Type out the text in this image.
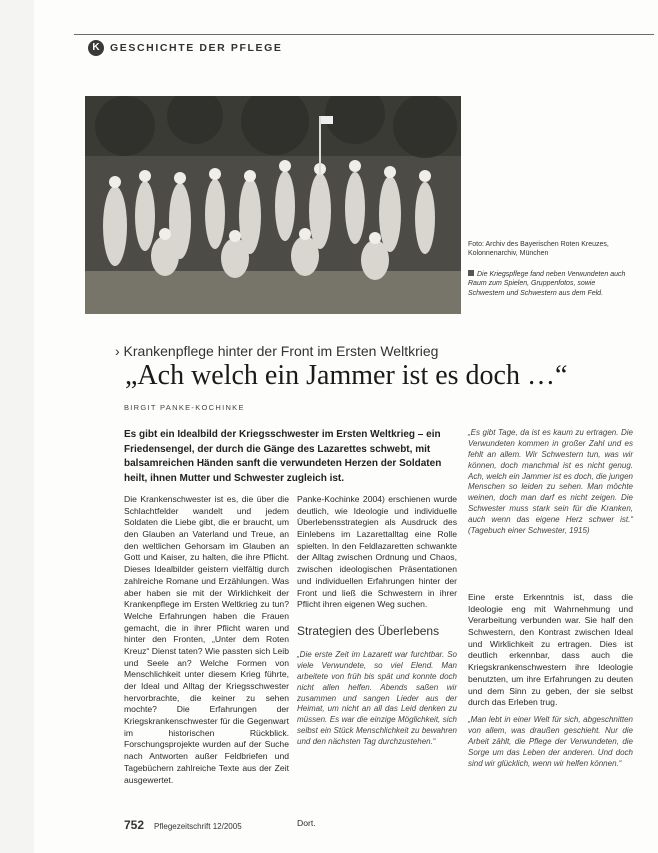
K GESCHICHTE DER PFLEGE
Foto: Archiv des Bayerischen Roten Kreuzes, Kolonnenarchiv, München
Die Kriegspflege fand neben Verwundeten auch Raum zum Spielen, Gruppenfotos, sowie Schwestern und Schwestern aus dem Feld.
› Krankenpflege hinter der Front im Ersten Weltkrieg
„Ach welch ein Jammer ist es doch …“
BIRGIT PANKE-KOCHINKE
Es gibt ein Idealbild der Kriegsschwester im Ersten Weltkrieg – ein Friedensengel, der durch die Gänge des Lazarettes schwebt, mit balsamreichen Händen sanft die verwundeten Herzen der Soldaten heilt, ihnen Mutter und Schwester zugleich ist.
Die Krankenschwester ist es, die über die Schlachtfelder wandelt und jedem Soldaten die Liebe gibt, die er braucht, um den Glauben an Vaterland und Treue, an den weltlichen Gehorsam im Glauben an Gott und Kaiser, zu halten, die ihre Pflicht. Dieses Idealbilder geistern vielfältig durch zahlreiche Romane und Erzählungen. Was aber haben sie mit der Wirklichkeit der Krankenpflege im Ersten Weltkrieg zu tun? Welche Erfahrungen haben die Frauen gemacht, die in ihrer Pflicht waren und hinter den Fronten, „Unter dem Roten Kreuz“ Dienst taten? Wie passten sich Leib und Seele an? Welche Formen von Menschlichkeit unter diesem Krieg führte, der Ideal und Alltag der Kriegsschwester hervorbrachte, die keiner zu sehen mochte? Die Erfahrungen der Kriegskrankenschwester für die Gegenwart im historischen Rückblick. Forschungsprojekte wurden auf der Suche nach Antworten außer Feldbriefen und Tagebüchern zahlreiche Texte aus der Zeit ausgewertet.
Panke-Kochinke 2004) erschienen wurde deutlich, wie Ideologie und individuelle Überlebensstrategien als Ausdruck des Einlebens im Lazarettalltag eine Rolle spielten. In den Feldlazaretten schwankte der Alltag zwischen Ordnung und Chaos, zwischen ideologischen Präsentationen und individuellen Erfahrungen hinter der Front und ließ die Schwestern in ihrer Pflicht ihren eigenen Weg suchen.
Strategien des Überlebens
„Die erste Zeit im Lazarett war furchtbar. So viele Verwundete, so viel Elend. Man arbeitete von früh bis spät und konnte doch nicht allen helfen. Abends saßen wir zusammen und sangen Lieder aus der Heimat, um nicht an all das Leid denken zu müssen. Es war die einzige Möglichkeit, sich selbst ein Stück Menschlichkeit zu bewahren und den nächsten Tag durchzustehen.“
Dort.
„Es gibt Tage, da ist es kaum zu ertragen. Die Verwundeten kommen in großer Zahl und es fehlt an allem. Wir Schwestern tun, was wir können, doch manchmal ist es nicht genug. Ach, welch ein Jammer ist es doch, die jungen Menschen so leiden zu sehen. Man möchte weinen, doch man darf es nicht zeigen. Die Schwester muss stark sein für die Kranken, auch wenn das eigene Herz schwer ist.“ (Tagebuch einer Schwester, 1915)
Eine erste Erkenntnis ist, dass die Ideologie eng mit Wahrnehmung und Verarbeitung verbunden war. Sie half den Schwestern, den Kontrast zwischen Ideal und Wirklichkeit zu ertragen. Dies ist deutlich erkennbar, dass auch die Kriegskrankenschwestern ihre Ideologie benutzten, um ihre Erfahrungen zu deuten und dem Sinn zu geben, der sie selbst durch das Erleben trug.
„Man lebt in einer Welt für sich, abgeschnitten von allem, was draußen geschieht. Nur die Arbeit zählt, die Pflege der Verwundeten, die Sorge um das Leben der anderen. Und doch sind wir glücklich, wenn wir helfen können.“
752 Pflegezeitschrift 12/2005
